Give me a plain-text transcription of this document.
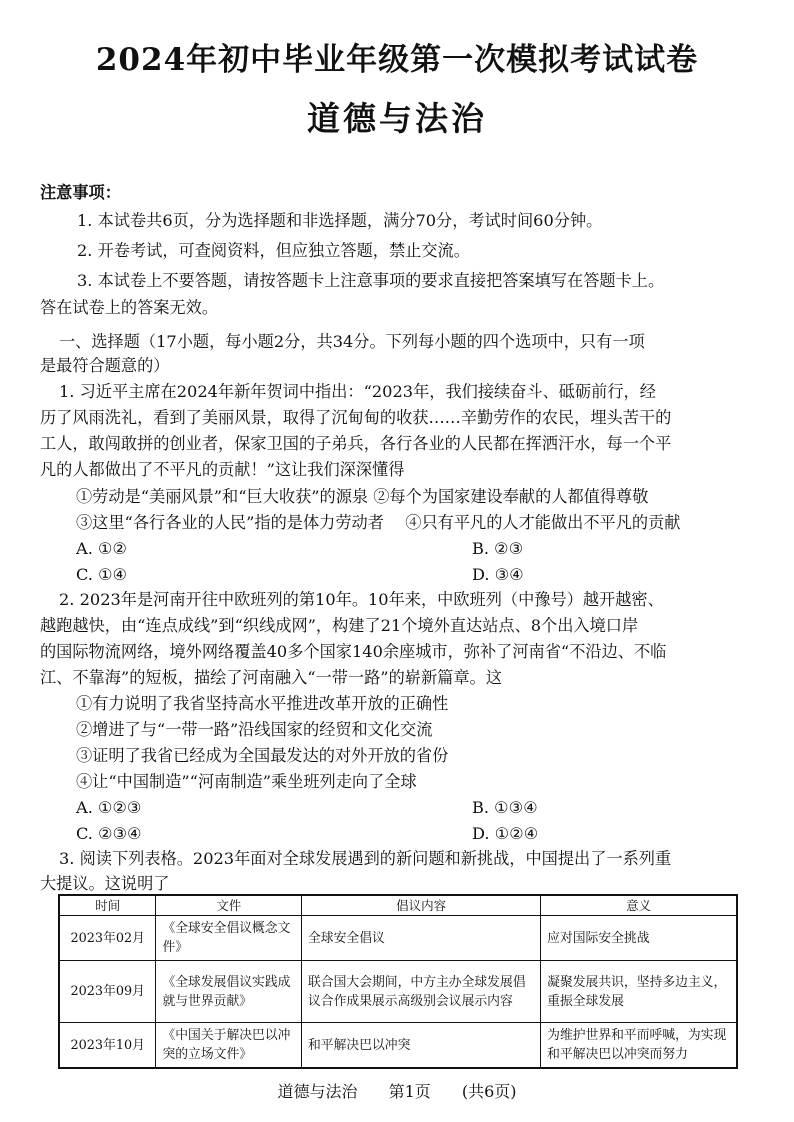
2024年初中毕业年级第一次模拟考试试卷
道德与法治
注意事项：
1. 本试卷共6页，分为选择题和非选择题，满分70分，考试时间60分钟。
2. 开卷考试，可查阅资料，但应独立答题，禁止交流。
3. 本试卷上不要答题，请按答题卡上注意事项的要求直接把答案填写在答题卡上。
答在试卷上的答案无效。
一、选择题（17小题，每小题2分，共34分。下列每小题的四个选项中，只有一项
是最符合题意的）
1. 习近平主席在2024年新年贺词中指出：“2023年，我们接续奋斗、砥砺前行，经
历了风雨洗礼，看到了美丽风景，取得了沉甸甸的收获……辛勤劳作的农民，埋头苦干的
工人，敢闯敢拼的创业者，保家卫国的子弟兵，各行各业的人民都在挥洒汗水，每一个平
凡的人都做出了不平凡的贡献！”这让我们深深懂得
①劳动是“美丽风景”和“巨大收获”的源泉 ②每个为国家建设奉献的人都值得尊敬
③这里“各行各业的人民”指的是体力劳动者　 ④只有平凡的人才能做出不平凡的贡献
A. ①②	B. ②③
C. ①④	D. ③④
2. 2023年是河南开往中欧班列的第10年。10年来，中欧班列（中豫号）越开越密、
越跑越快，由“连点成线”到“织线成网”，构建了21个境外直达站点、8个出入境口岸
的国际物流网络，境外网络覆盖40多个国家140余座城市，弥补了河南省“不沿边、不临
江、不靠海”的短板，描绘了河南融入“一带一路”的崭新篇章。这
①有力说明了我省坚持高水平推进改革开放的正确性
②增进了与“一带一路”沿线国家的经贸和文化交流
③证明了我省已经成为全国最发达的对外开放的省份
④让“中国制造”“河南制造”乘坐班列走向了全球
A. ①②③	B. ①③④
C. ②③④	D. ①②④
3. 阅读下列表格。2023年面对全球发展遇到的新问题和新挑战，中国提出了一系列重
大提议。这说明了
时间	文件	倡议内容	意义
2023年02月	《全球安全倡议概念文件》	全球安全倡议	应对国际安全挑战
2023年09月	《全球发展倡议实践成就与世界贡献》	联合国大会期间，中方主办全球发展倡议合作成果展示高级别会议展示内容	凝聚发展共识，坚持多边主义，重振全球发展
2023年10月	《中国关于解决巴以冲突的立场文件》	和平解决巴以冲突	为维护世界和平而呼喊，为实现和平解决巴以冲突而努力
道德与法治 第1页 (共6页)
